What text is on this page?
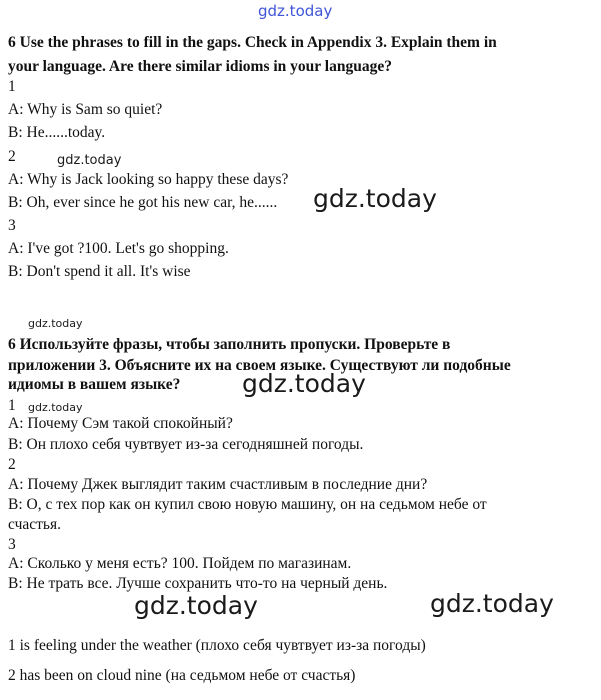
gdz.today
gdz.today
gdz.today
gdz.today
gdz.today
gdz.today
gdz.today	gdz.today
6 Use the phrases to fill in the gaps. Check in Appendix 3. Explain them in
your language. Are there similar idioms in your language?
1
A: Why is Sam so quiet?
B: He......today.
2
A: Why is Jack looking so happy these days?
B: Oh, ever since he got his new car, he......
3
A: I've got ?100. Let's go shopping.
B: Don't spend it all. It's wise
6 Используйте фразы, чтобы заполнить пропуски. Проверьте в
приложении 3. Объясните их на своем языке. Существуют ли подобные
идиомы в вашем языке?
1
A: Почему Сэм такой спокойный?
B: Он плохо себя чувтвует из-за сегодняшней погоды.
2
A: Почему Джек выглядит таким счастливым в последние дни?
B: О, с тех пор как он купил свою новую машину, он на седьмом небе от
счастья.
3
A: Сколько у меня есть? 100. Пойдем по магазинам.
B: Не трать все. Лучше сохранить что-то на черный день.
1 is feeling under the weather (плохо себя чувтвует из-за погоды)
2 has been on cloud nine (на седьмом небе от счастья)
